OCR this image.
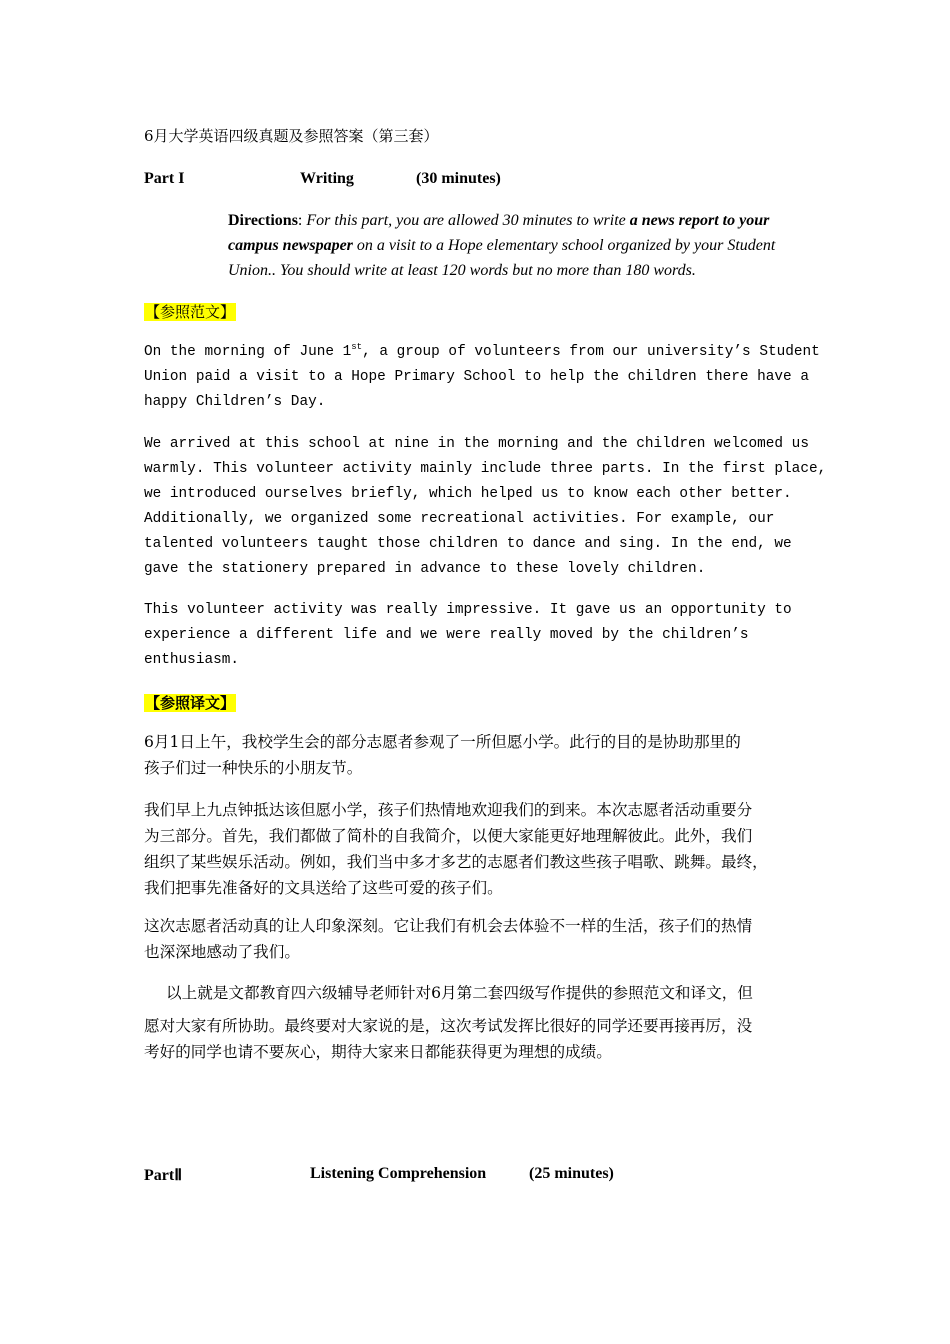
6月大学英语四级真题及参照答案（第三套）
Part I	Writing	(30 minutes)
Directions: For this part, you are allowed 30 minutes to write a news report to your campus newspaper on a visit to a Hope elementary school organized by your Student Union.. You should write at least 120 words but no more than 180 words.
【参照范文】
On the morning of June 1st, a group of volunteers from our university’s Student
Union paid a visit to a Hope Primary School to help the children there have a
happy Children’s Day.
We arrived at this school at nine in the morning and the children welcomed us
warmly. This volunteer activity mainly include three parts. In the first place,
we introduced ourselves briefly, which helped us to know each other better.
Additionally, we organized some recreational activities. For example, our
talented volunteers taught those children to dance and sing. In the end, we
gave the stationery prepared in advance to these lovely children.
This volunteer activity was really impressive. It gave us an opportunity to
experience a different life and we were really moved by the children’s
enthusiasm.
【参照译文】
6月1日上午，我校学生会的部分志愿者参观了一所但愿小学。此行的目的是协助那里的
孩子们过一种快乐的小朋友节。
我们早上九点钟抵达该但愿小学，孩子们热情地欢迎我们的到来。本次志愿者活动重要分
为三部分。首先，我们都做了简朴的自我简介，以便大家能更好地理解彼此。此外，我们
组织了某些娱乐活动。例如，我们当中多才多艺的志愿者们教这些孩子唱歌、跳舞。最终，
我们把事先准备好的文具送给了这些可爱的孩子们。
这次志愿者活动真的让人印象深刻。它让我们有机会去体验不一样的生活，孩子们的热情
也深深地感动了我们。
以上就是文都教育四六级辅导老师针对6月第二套四级写作提供的参照范文和译文，但
愿对大家有所协助。最终要对大家说的是，这次考试发挥比很好的同学还要再接再厉，没
考好的同学也请不要灰心，期待大家来日都能获得更为理想的成绩。
PartⅡ	Listening Comprehension	(25 minutes)
